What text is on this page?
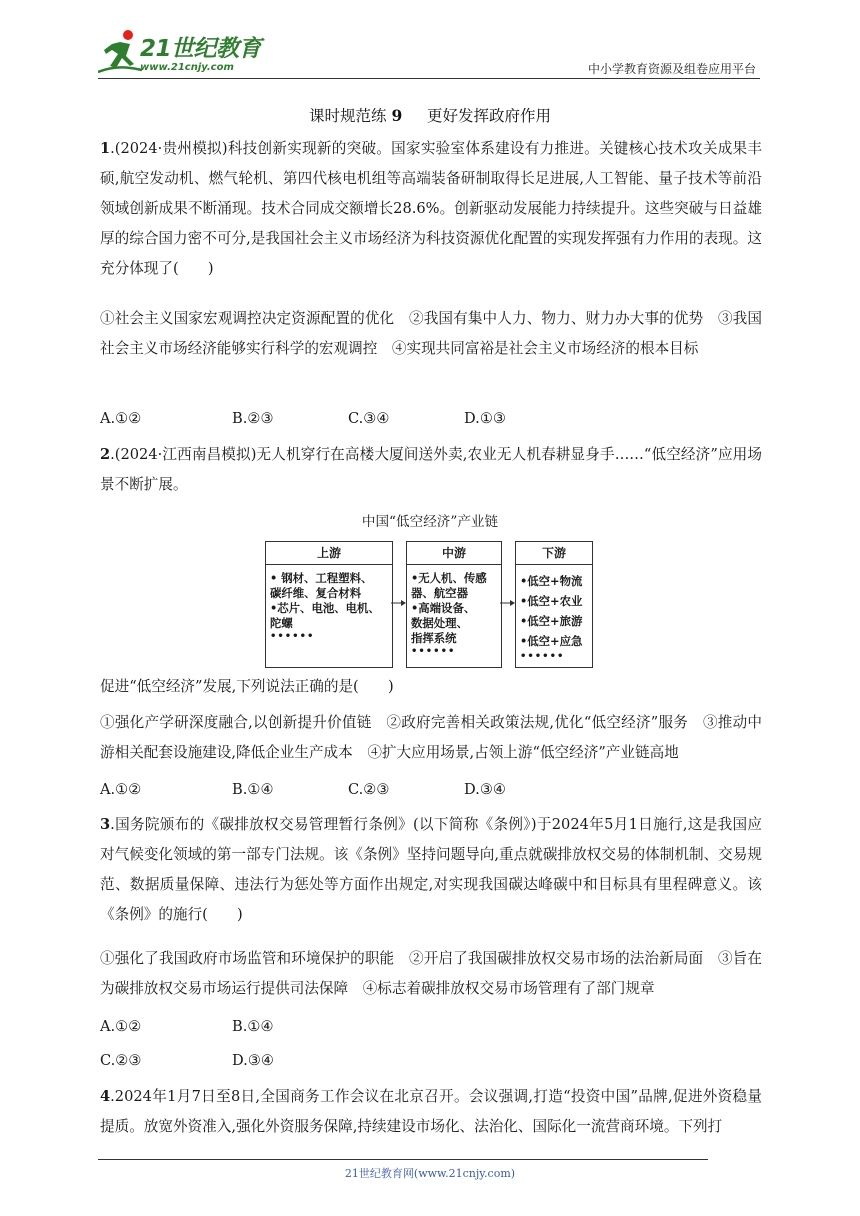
21世纪教育
www.21cnjy.com	中小学教育资源及组卷应用平台
课时规范练 9 更好发挥政府作用

1.(2024·贵州模拟)科技创新实现新的突破。国家实验室体系建设有力推进。关键核心技术攻关成果丰硕,航空发动机、燃气轮机、第四代核电机组等高端装备研制取得长足进展,人工智能、量子技术等前沿领域创新成果不断涌现。技术合同成交额增长28.6%。创新驱动发展能力持续提升。这些突破与日益雄厚的综合国力密不可分,是我国社会主义市场经济为科技资源优化配置的实现发挥强有力作用的表现。这充分体现了(　　)

①社会主义国家宏观调控决定资源配置的优化　②我国有集中人力、物力、财力办大事的优势　③我国社会主义市场经济能够实行科学的宏观调控　④实现共同富裕是社会主义市场经济的根本目标

A.①②	B.②③	C.③④	D.①③

2.(2024·江西南昌模拟)无人机穿行在高楼大厦间送外卖,农业无人机春耕显身手……“低空经济”应用场景不断扩展。

中国“低空经济”产业链
上游
• 钢材、工程塑料、
碳纤维、复合材料
•芯片、电池、电机、
陀螺
••••••
中游
•无人机、传感
器、航空器
•高端设备、
数据处理、
指挥系统
••••••
下游
•低空+物流
•低空+农业
•低空+旅游
•低空+应急
••••••

促进“低空经济”发展,下列说法正确的是(　　)

①强化产学研深度融合,以创新提升价值链　②政府完善相关政策法规,优化“低空经济”服务　③推动中游相关配套设施建设,降低企业生产成本　④扩大应用场景,占领上游“低空经济”产业链高地

A.①②	B.①④	C.②③	D.③④

3.国务院颁布的《碳排放权交易管理暂行条例》(以下简称《条例》)于2024年5月1日施行,这是我国应对气候变化领域的第一部专门法规。该《条例》坚持问题导向,重点就碳排放权交易的体制机制、交易规范、数据质量保障、违法行为惩处等方面作出规定,对实现我国碳达峰碳中和目标具有里程碑意义。该《条例》的施行(　　)

①强化了我国政府市场监管和环境保护的职能　②开启了我国碳排放权交易市场的法治新局面　③旨在为碳排放权交易市场运行提供司法保障　④标志着碳排放权交易市场管理有了部门规章

A.①②	B.①④
C.②③	D.③④

4.2024年1月7日至8日,全国商务工作会议在北京召开。会议强调,打造“投资中国”品牌,促进外资稳量提质。放宽外资准入,强化外资服务保障,持续建设市场化、法治化、国际化一流营商环境。下列打

21世纪教育网(www.21cnjy.com)
